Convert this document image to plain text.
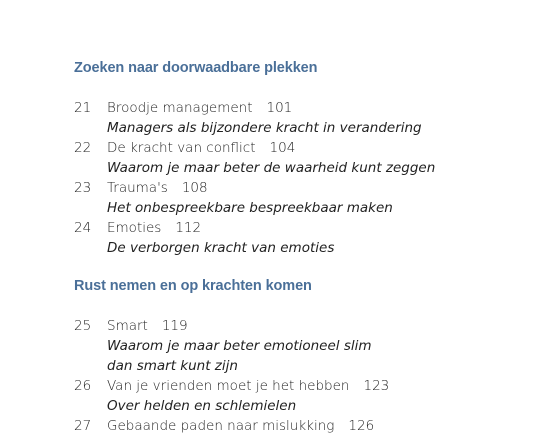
Zoeken naar doorwaadbare plekken
21	Broodje management 101
Managers als bijzondere kracht in verandering
22	De kracht van conflict 104
Waarom je maar beter de waarheid kunt zeggen
23	Trauma's 108
Het onbespreekbare bespreekbaar maken
24	Emoties 112
De verborgen kracht van emoties
Rust nemen en op krachten komen
25	Smart 119
Waarom je maar beter emotioneel slim
dan smart kunt zijn
26	Van je vrienden moet je het hebben 123
Over helden en schlemielen
27	Gebaande paden naar mislukking 126
